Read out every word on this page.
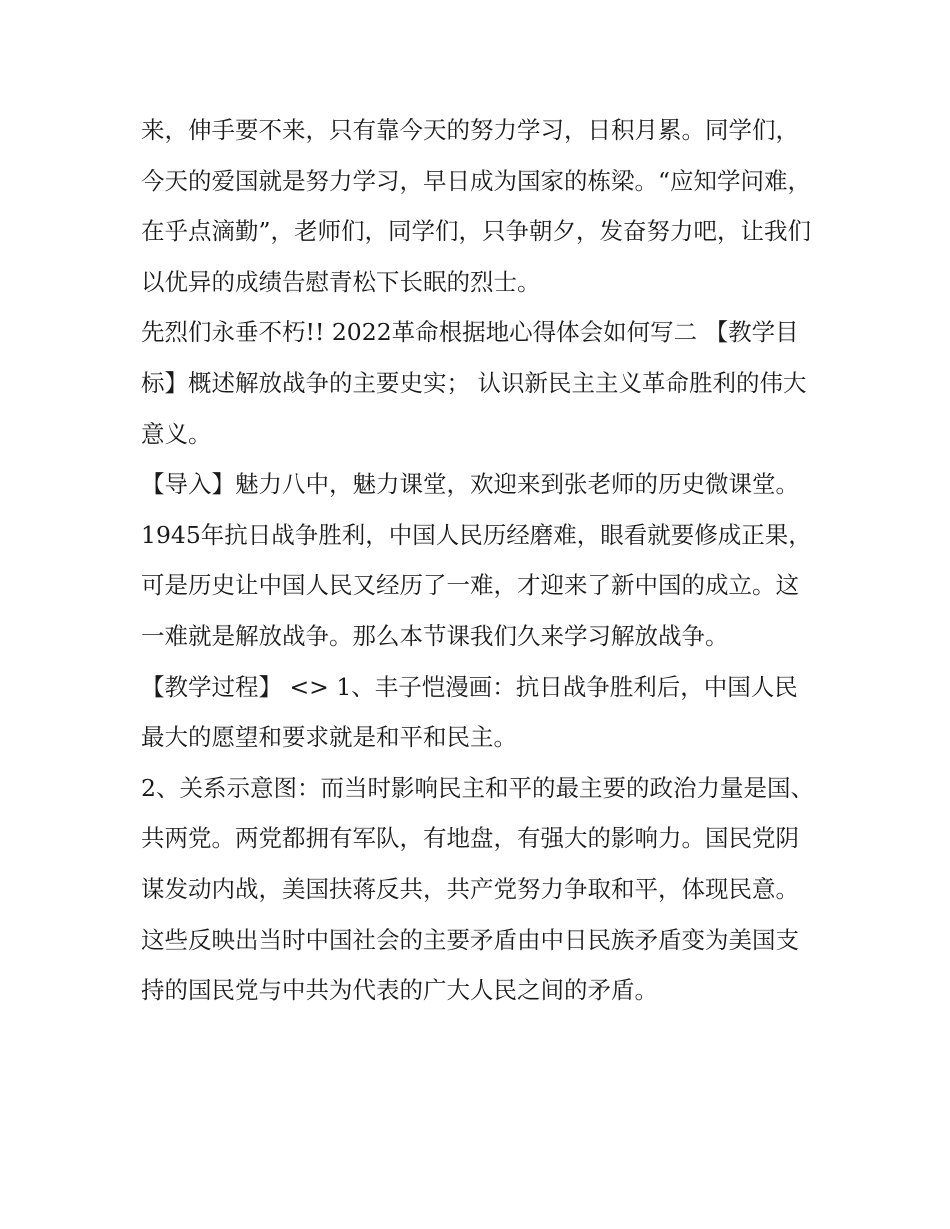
来，伸手要不来，只有靠今天的努力学习，日积月累。同学们，今天的爱国就是努力学习，早日成为国家的栋梁。“应知学问难，在乎点滴勤”，老师们，同学们，只争朝夕，发奋努力吧，让我们以优异的成绩告慰青松下长眠的烈士。

先烈们永垂不朽!! 2022革命根据地心得体会如何写二 【教学目标】概述解放战争的主要史实； 认识新民主主义革命胜利的伟大意义。

【导入】魅力八中，魅力课堂，欢迎来到张老师的历史微课堂。

1945年抗日战争胜利，中国人民历经磨难，眼看就要修成正果，可是历史让中国人民又经历了一难，才迎来了新中国的成立。这一难就是解放战争。那么本节课我们久来学习解放战争。

【教学过程】 <> 1、丰子恺漫画：抗日战争胜利后，中国人民最大的愿望和要求就是和平和民主。

2、关系示意图：而当时影响民主和平的最主要的政治力量是国、共两党。两党都拥有军队，有地盘，有强大的影响力。国民党阴谋发动内战，美国扶蒋反共，共产党努力争取和平，体现民意。这些反映出当时中国社会的主要矛盾由中日民族矛盾变为美国支持的国民党与中共为代表的广大人民之间的矛盾。
